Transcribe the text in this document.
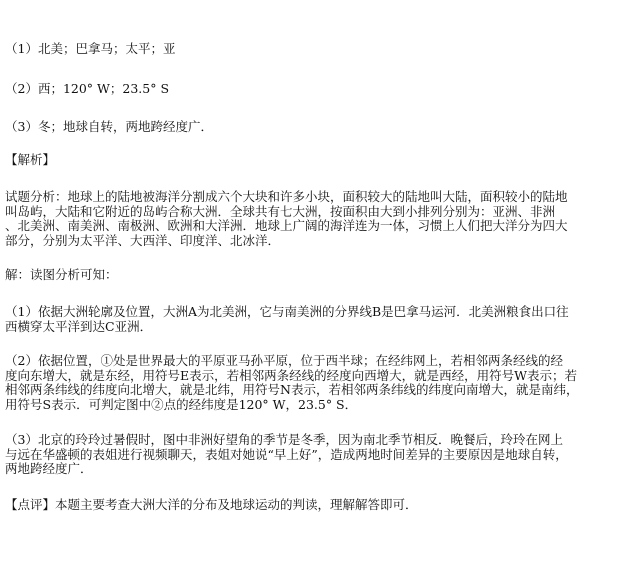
（1）北美；巴拿马；太平；亚
（2）西；120° W；23.5° S
（3）冬；地球自转，两地跨经度广．
【解析】
试题分析：地球上的陆地被海洋分割成六个大块和许多小块，面积较大的陆地叫大陆，面积较小的陆地
叫岛屿，大陆和它附近的岛屿合称大洲．全球共有七大洲，按面积由大到小排列分别为：亚洲、非洲
、北美洲、南美洲、南极洲、欧洲和大洋洲．地球上广阔的海洋连为一体，习惯上人们把大洋分为四大
部分，分别为太平洋、大西洋、印度洋、北冰洋．
解：读图分析可知：
（1）依据大洲轮廓及位置，大洲A为北美洲，它与南美洲的分界线B是巴拿马运河．北美洲粮食出口往
西横穿太平洋到达C亚洲．
（2）依据位置，①处是世界最大的平原亚马孙平原，位于西半球；在经纬网上，若相邻两条经线的经
度向东增大，就是东经，用符号E表示，若相邻两条经线的经度向西增大，就是西经，用符号W表示；若
相邻两条纬线的纬度向北增大，就是北纬，用符号N表示，若相邻两条纬线的纬度向南增大，就是南纬，
用符号S表示．可判定图中②点的经纬度是120° W，23.5° S．
（3）北京的玲玲过暑假时，图中非洲好望角的季节是冬季，因为南北季节相反．晚餐后，玲玲在网上
与远在华盛顿的表姐进行视频聊天，表姐对她说“早上好”，造成两地时间差异的主要原因是地球自转，
两地跨经度广．
【点评】本题主要考查大洲大洋的分布及地球运动的判读，理解解答即可．
